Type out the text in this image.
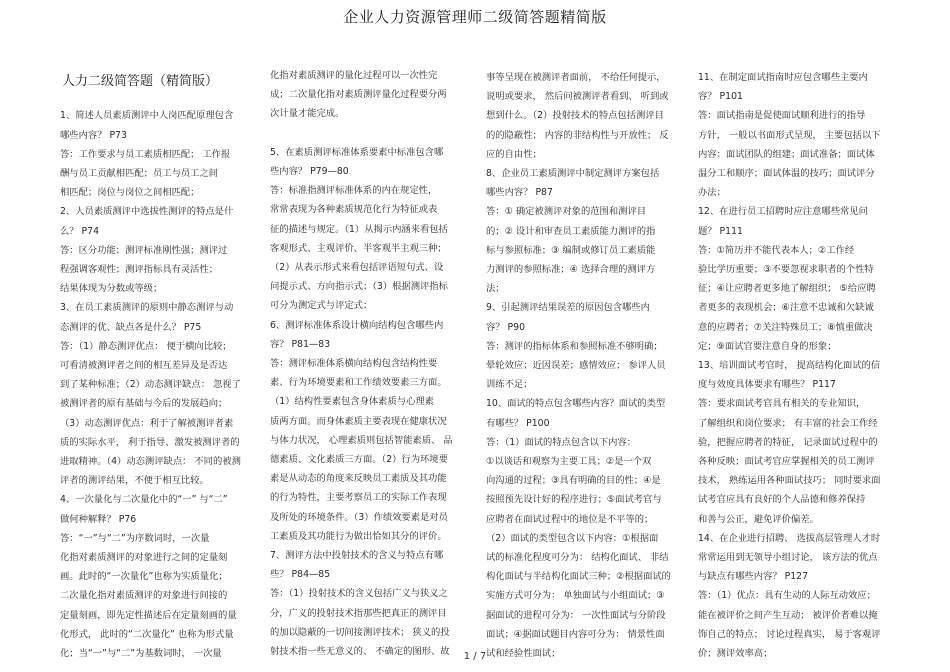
企业人力资源管理师二级简答题精简版
人力二级简答题（精简版）

1、简述人员素质测评中人岗匹配原理包含

哪些内容？ P73

答：工作要求与员工素质相匹配； 工作报

酬与员工贡献相匹配；员工与员工之间

相匹配；岗位与岗位之间相匹配；

2、人员素质测评中选拔性测评的特点是什

么？ P74

答：区分功能；测评标准刚性强；测评过

程强调客观性；测评指标具有灵活性；

结果体现为分数或等级；

3、在员工素质测评的原则中静态测评与动

态测评的优、缺点各是什么？ P75

答：（1）静态测评优点： 便于横向比较；

可看清被测评者之间的相互差异及是否达

到了某种标准；（2）动态测评缺点： 忽视了

被测评者的原有基础与今后的发展趋向；

（3）动态测评优点：利于了解被测评者素

质的实际水平， 利于指导、激发被测评者的

进取精神。（4）动态测评缺点： 不同的被测

评者的测评结果，不便于相互比较。

4、一次量化与二次量化中的“一” 与“二”

做何种解释？ P76

答：“一”与“二”为序数词时，一次量

化指对素质测评的对象进行之间的定量刻

画。此时的“一次量化”也称为实质量化；

二次量化指对素质测评的对象进行间接的

定量刻画，即先定性描述后在定量刻画的量

化形式， 此时的“二次量化” 也称为形式量

化；当“一”与“二”为基数词时， 一次量

化指对素质测评的量化过程可以一次性完

成；二次量化指对素质测评量化过程要分两

次计量才能完成。

5、在素质测评标准体系要素中标准包含哪

些内容？ P79—80

答：标准指测评标准体系的内在规定性，

常常表现为各种素质规范化行为特征或表

征的描述与规定。（1）从揭示内涵来看包括

客观形式、主观评价、半客观半主观三种；

（2）从表示形式来看包括评语短句式、设

问提示式、方向指示式；（3）根据测评指标

可分为测定式与评定式；

6、测评标准体系设计横向结构包含哪些内

容？ P81—83

答：测评标准体系横向结构包含结构性要

素、行为环境要素和工作绩效要素三方面。

（1）结构性要素包含身体素质与心理素

质两方面。而身体素质主要表现在健康状况

与体力状况， 心理素质则包括智能素质、 品

德素质、文化素质三方面。（2）行为环境要

素是从动态的角度来反映员工素质及其功能

的行为特性，主要考察员工的实际工作表现

及所处的环境条件。（3）作绩效要素是对员

工素质及其功能行为做出恰如其分的评价。

7、测评方法中投射技术的含义与特点有哪

些？ P84—85

答：（1）投射技术的含义包括广义与狭义之

分，广义的投射技术指那些把真正的测评目

的加以隐蔽的一切间接测评技术； 狭义的投

射技术指一些无意义的、 不确定的图形、故

事等呈现在被测评者面前， 不给任何提示，

说明或要求， 然后问被测评者看到、 听到或

想到什么。（2）投射技术的特点包括测评目

的的隐蔽性； 内容的非结构性与开放性； 反

应的自由性；

8、企业员工素质测评中制定测评方案包括

哪些内容？ P87

答：① 确定被测评对象的范围和测评目

的；② 设计和审查员工素质能力测评的指

标与参照标准；③ 编制或修订员工素质能

力测评的参照标准；④ 选择合理的测评方

法；

9、引起测评结果误差的原因包含哪些内

容？ P90

答：测评的指标体系和参照标准不够明确；

晕轮效应；近因误差；感情效应； 参评人员

训练不足；

10、面试的特点包含哪些内容？面试的类型

有哪些？ P100

答：（1）面试的特点包含以下内容：

①以谈话和观察为主要工具；②是一个双

向沟通的过程；③具有明确的目的性；④是

按照预先设计好的程序进行；⑤面试考官与

应聘者在面试过程中的地位是不平等的；

（2）面试的类型包含以下内容：①根据面

试的标准化程度可分为： 结构化面试、 非结

构化面试与半结构化面试三种；②根据面试的

实施方式可分为： 单独面试与小组面试；③

据面试的进程可分为： 一次性面试与分阶段

面试；④据面试题目内容可分为： 情景性面

试和经验性面试；

11、在制定面试指南时应包含哪些主要内

容？ P101

答：面试指南是促使面试顺利进行的指导

方针， 一般以书面形式呈现， 主要包括以下

内容：面试团队的组建；面试准备；面试体

温分工和顺序；面试体温的技巧；面试评分

办法；

12、在进行员工招聘时应注意哪些常见问

题？ P111

答：①简历并不能代表本人；②工作经

验比学历重要；③不要忽视求职者的个性特

征；④让应聘者更多地了解组织； ⑤给应聘

者更多的表现机会；⑥注意不忠诚和欠缺诚

意的应聘者；⑦关注特殊员工；⑧慎重做决

定；⑨面试官要注意自身的形象；

13、培训面试考官时， 提高结构化面试的信

度与效度具体要求有哪些？ P117

答：要求面试考官具有相关的专业知识，

了解组织和岗位要求； 有丰富的社会工作经

验，把握应聘者的特征， 记录面试过程中的

各种反映；面试考官应掌握相关的员工测评

技术， 熟练运用各种面试技巧； 同时要求面

试考官应具有良好的个人品德和修养保持

和善与公正，避免评价偏差。

14、在企业进行招聘、 选拔高层管理人才时

常常运用到无领导小组讨论， 该方法的优点

与缺点有哪些内容？ P127

答：（1）优点：具有生动的人际互动效应；

能在被评价之间产生互动； 被评价者难以掩

饰自己的特点； 讨论过程真实， 易于客观评

价；测评效率高；

1 / 7
